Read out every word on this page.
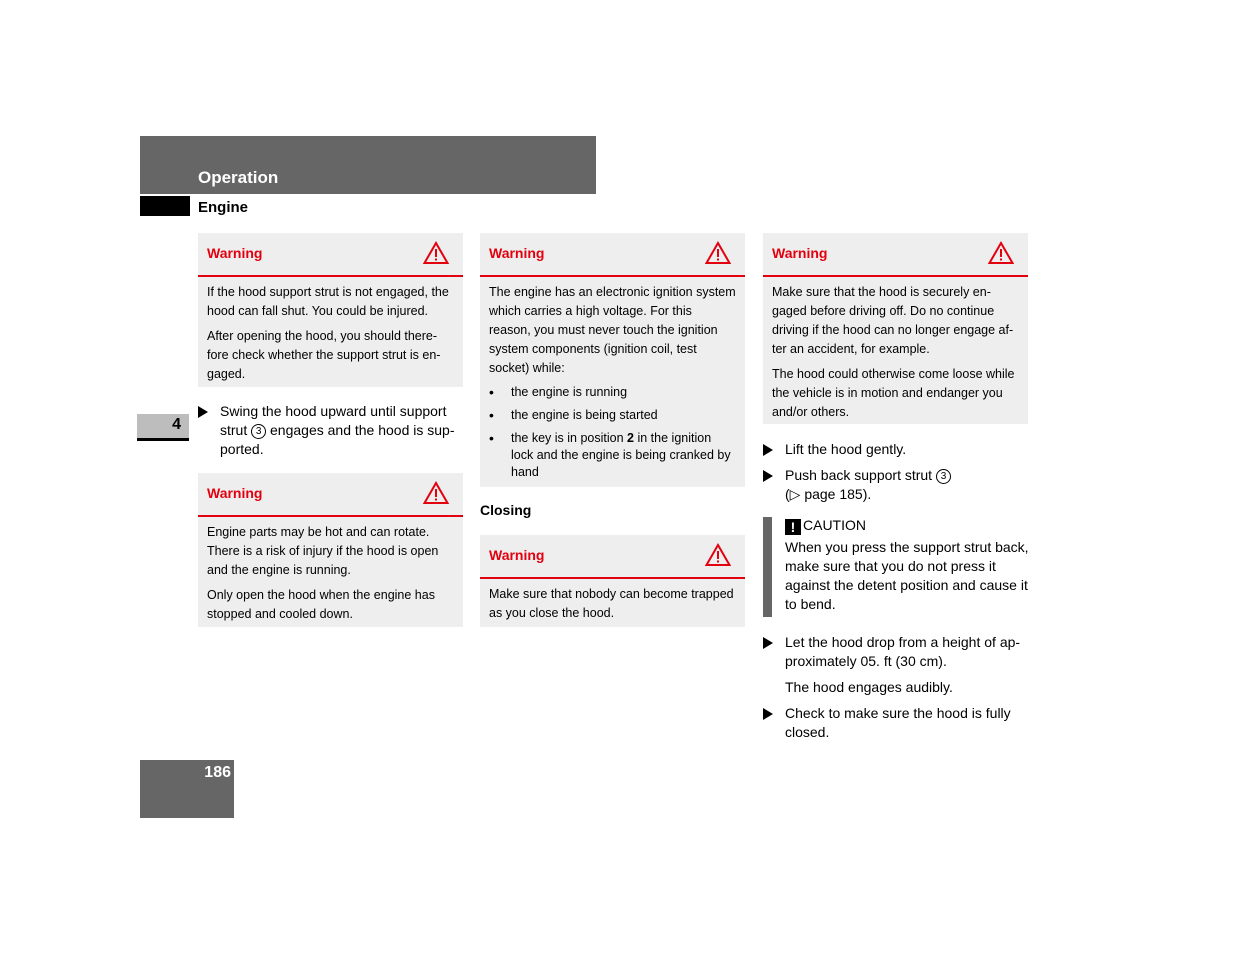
Operation
Engine
4
186
Warning

If the hood support strut is not engaged, the hood can fall shut. You could be injured.

After opening the hood, you should there-fore check whether the support strut is en-gaged.

Swing the hood upward until support strut 3 engages and the hood is sup-ported.
Warning

Engine parts may be hot and can rotate. There is a risk of injury if the hood is open and the engine is running.

Only open the hood when the engine has stopped and cooled down.

Warning

The engine has an electronic ignition system which carries a high voltage. For this reason, you must never touch the ignition system components (ignition coil, test socket) while:

• the engine is running
• the engine is being started
• the key is in position 2 in the ignition lock and the engine is being cranked by hand
Closing
Warning

Make sure that nobody can become trapped as you close the hood.

Warning

Make sure that the hood is securely en-gaged before driving off. Do no continue driving if the hood can no longer engage af-ter an accident, for example.

The hood could otherwise come loose while the vehicle is in motion and endanger you and/or others.

Lift the hood gently.
Push back support strut 3
(▷ page 185).
! CAUTION
When you press the support strut back, make sure that you do not press it against the detent position and cause it to bend.
Let the hood drop from a height of ap-proximately 05. ft (30 cm).
The hood engages audibly.
Check to make sure the hood is fully closed.
